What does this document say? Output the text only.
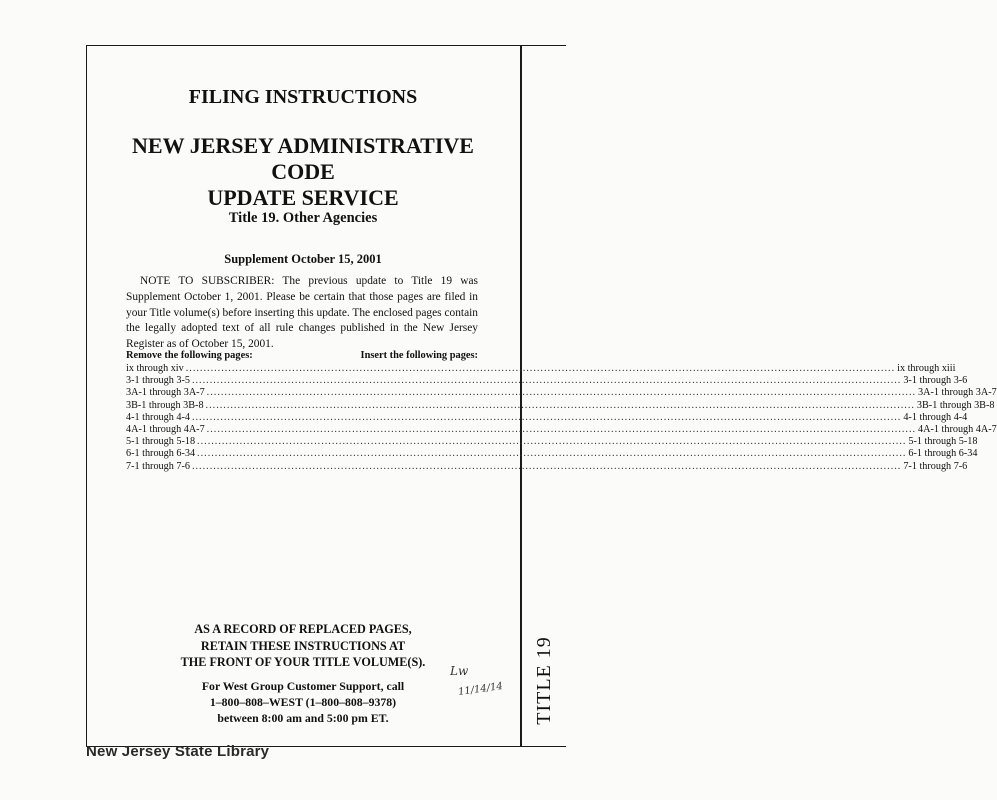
TITLE 19
FILING INSTRUCTIONS
NEW JERSEY ADMINISTRATIVE CODE
UPDATE SERVICE
Title 19. Other Agencies
Supplement October 15, 2001
NOTE TO SUBSCRIBER: The previous update to Title 19 was Supplement October 1, 2001. Please be certain that those pages are filed in your Title volume(s) before inserting this update. The enclosed pages contain the legally adopted text of all rule changes published in the New Jersey Register as of October 15, 2001.
Remove the following pages:	Insert the following pages:
ix through xiv ........................................................................................................................................................................................................ ix through xiii
3-1 through 3-5 ........................................................................................................................................................................................................ 3-1 through 3-6
3A-1 through 3A-7 ........................................................................................................................................................................................................ 3A-1 through 3A-7
3B-1 through 3B-8 ........................................................................................................................................................................................................ 3B-1 through 3B-8
4-1 through 4-4 ........................................................................................................................................................................................................ 4-1 through 4-4
4A-1 through 4A-7 ........................................................................................................................................................................................................ 4A-1 through 4A-7
5-1 through 5-18 ........................................................................................................................................................................................................ 5-1 through 5-18
6-1 through 6-34 ........................................................................................................................................................................................................ 6-1 through 6-34
7-1 through 7-6 ........................................................................................................................................................................................................ 7-1 through 7-6
AS A RECORD OF REPLACED PAGES,
RETAIN THESE INSTRUCTIONS AT
THE FRONT OF YOUR TITLE VOLUME(S).
For West Group Customer Support, call
1–800–808–WEST (1–800–808–9378)
between 8:00 am and 5:00 pm ET.
Lw
11/14/14
New Jersey State Library
